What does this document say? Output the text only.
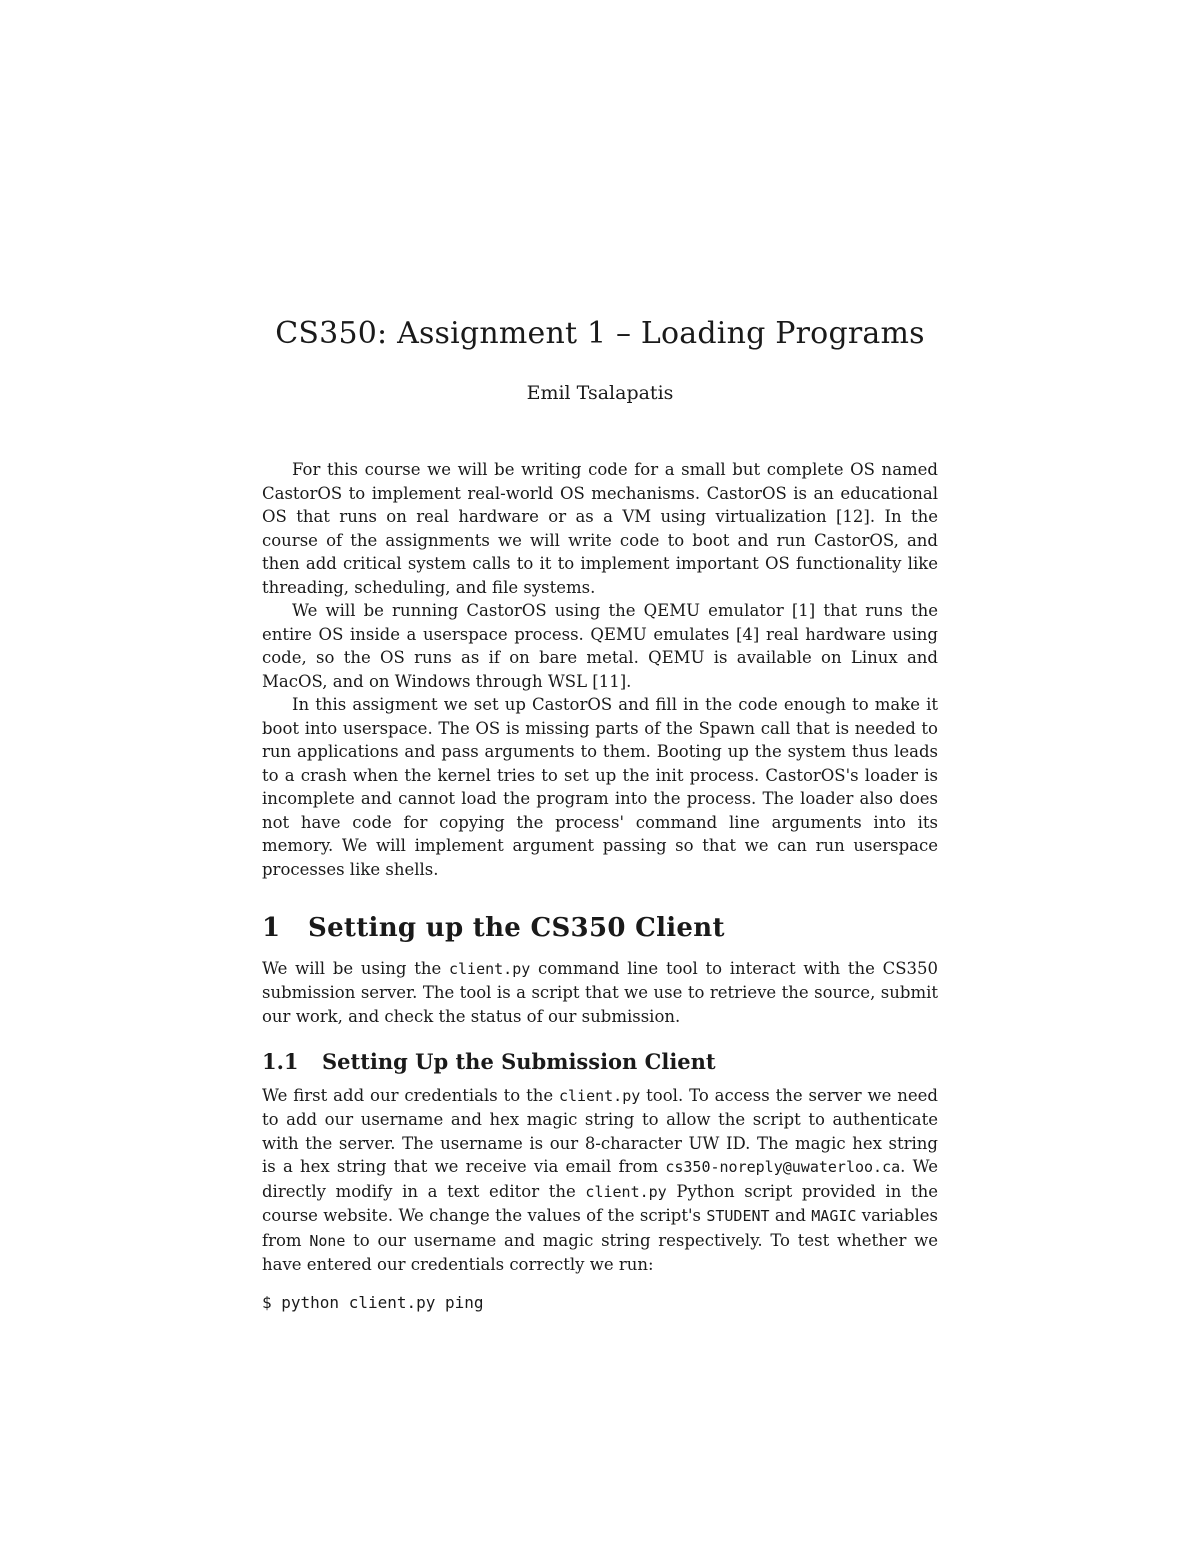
CS350: Assignment 1 – Loading Programs

Emil Tsalapatis

For this course we will be writing code for a small but complete OS named CastorOS to implement real-world OS mechanisms. CastorOS is an educational OS that runs on real hardware or as a VM using virtualization [12]. In the course of the assignments we will write code to boot and run CastorOS, and then add critical system calls to it to implement important OS functionality like threading, scheduling, and file systems.

We will be running CastorOS using the QEMU emulator [1] that runs the entire OS inside a userspace process. QEMU emulates [4] real hardware using code, so the OS runs as if on bare metal. QEMU is available on Linux and MacOS, and on Windows through WSL [11].

In this assigment we set up CastorOS and fill in the code enough to make it boot into userspace. The OS is missing parts of the Spawn call that is needed to run applications and pass arguments to them. Booting up the system thus leads to a crash when the kernel tries to set up the init process. CastorOS's loader is incomplete and cannot load the program into the process. The loader also does not have code for copying the process' command line arguments into its memory. We will implement argument passing so that we can run userspace processes like shells.

1 Setting up the CS350 Client

We will be using the client.py command line tool to interact with the CS350 submission server. The tool is a script that we use to retrieve the source, submit our work, and check the status of our submission.

1.1 Setting Up the Submission Client

We first add our credentials to the client.py tool. To access the server we need to add our username and hex magic string to allow the script to authenticate with the server. The username is our 8-character UW ID. The magic hex string is a hex string that we receive via email from cs350-noreply@uwaterloo.ca. We directly modify in a text editor the client.py Python script provided in the course website. We change the values of the script's STUDENT and MAGIC variables from None to our username and magic string respectively. To test whether we have entered our credentials correctly we run:

$ python client.py ping
